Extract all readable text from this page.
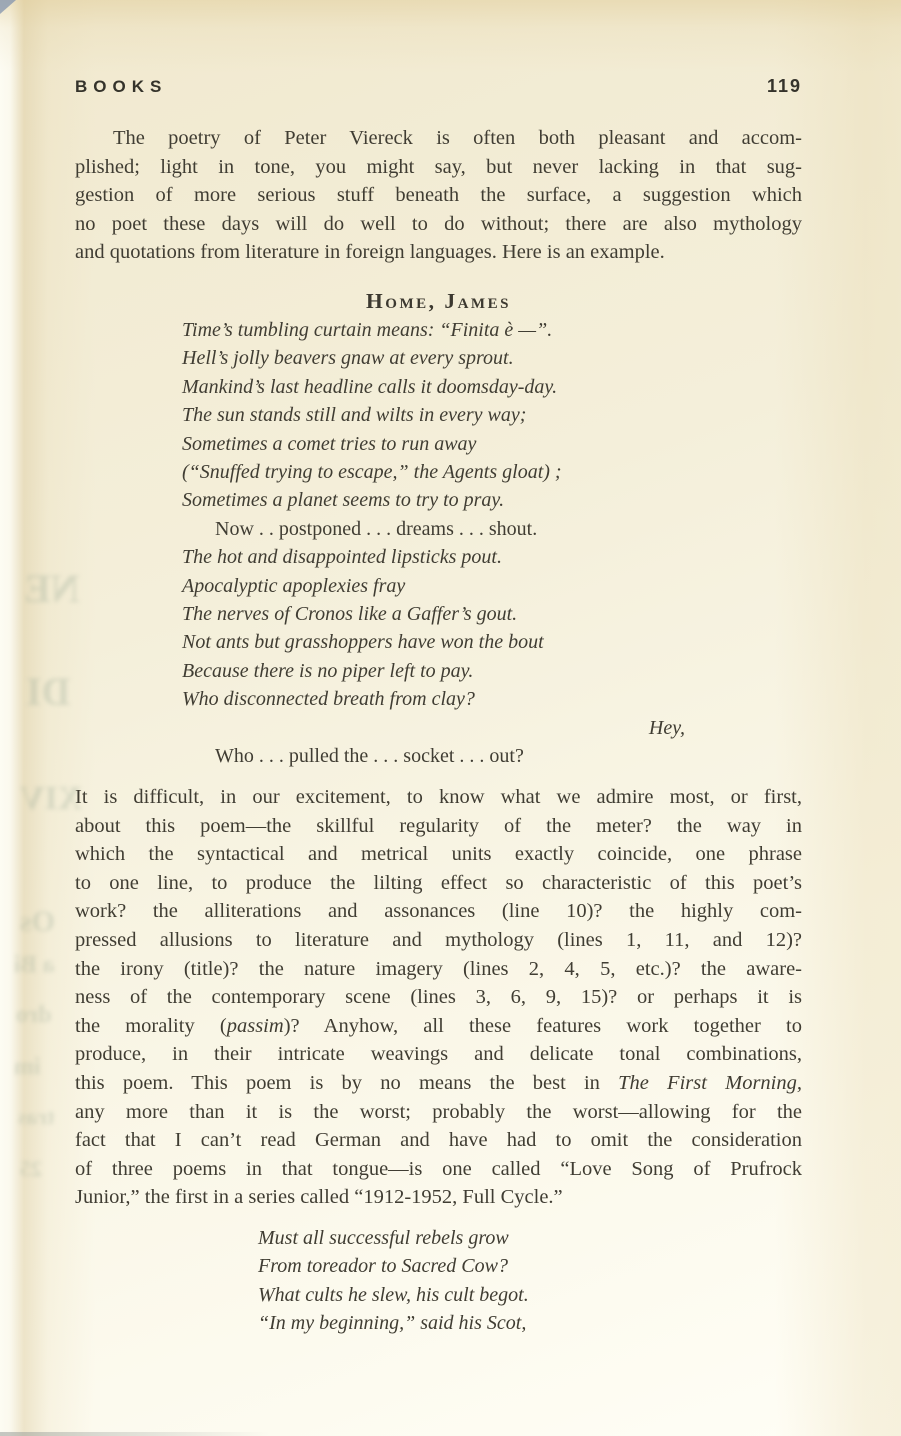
NE
DI
XIV
Os
a Bi
dro
im
tras
25
BOOKS	119
The poetry of Peter Viereck is often both pleasant and accom-
plished; light in tone, you might say, but never lacking in that sug-
gestion of more serious stuff beneath the surface, a suggestion which
no poet these days will do well to do without; there are also mythology
and quotations from literature in foreign languages. Here is an example.
Home, James
Time’s tumbling curtain means: “Finita è —”.
Hell’s jolly beavers gnaw at every sprout.
Mankind’s last headline calls it doomsday-day.
The sun stands still and wilts in every way;
Sometimes a comet tries to run away
(“Snuffed trying to escape,” the Agents gloat) ;
Sometimes a planet seems to try to pray.
Now . . postponed . . . dreams . . . shout.
The hot and disappointed lipsticks pout.
Apocalyptic apoplexies fray
The nerves of Cronos like a Gaffer’s gout.
Not ants but grasshoppers have won the bout
Because there is no piper left to pay.
Who disconnected breath from clay?
Hey,
Who . . . pulled the . . . socket . . . out?
It is difficult, in our excitement, to know what we admire most, or first,
about this poem—the skillful regularity of the meter? the way in
which the syntactical and metrical units exactly coincide, one phrase
to one line, to produce the lilting effect so characteristic of this poet’s
work? the alliterations and assonances (line 10)? the highly com-
pressed allusions to literature and mythology (lines 1, 11, and 12)?
the irony (title)? the nature imagery (lines 2, 4, 5, etc.)? the aware-
ness of the contemporary scene (lines 3, 6, 9, 15)? or perhaps it is
the morality (passim)? Anyhow, all these features work together to
produce, in their intricate weavings and delicate tonal combinations,
this poem. This poem is by no means the best in The First Morning,
any more than it is the worst; probably the worst—allowing for the
fact that I can’t read German and have had to omit the consideration
of three poems in that tongue—is one called “Love Song of Prufrock
Junior,” the first in a series called “1912-1952, Full Cycle.”
Must all successful rebels grow
From toreador to Sacred Cow?
What cults he slew, his cult begot.
“In my beginning,” said his Scot,
